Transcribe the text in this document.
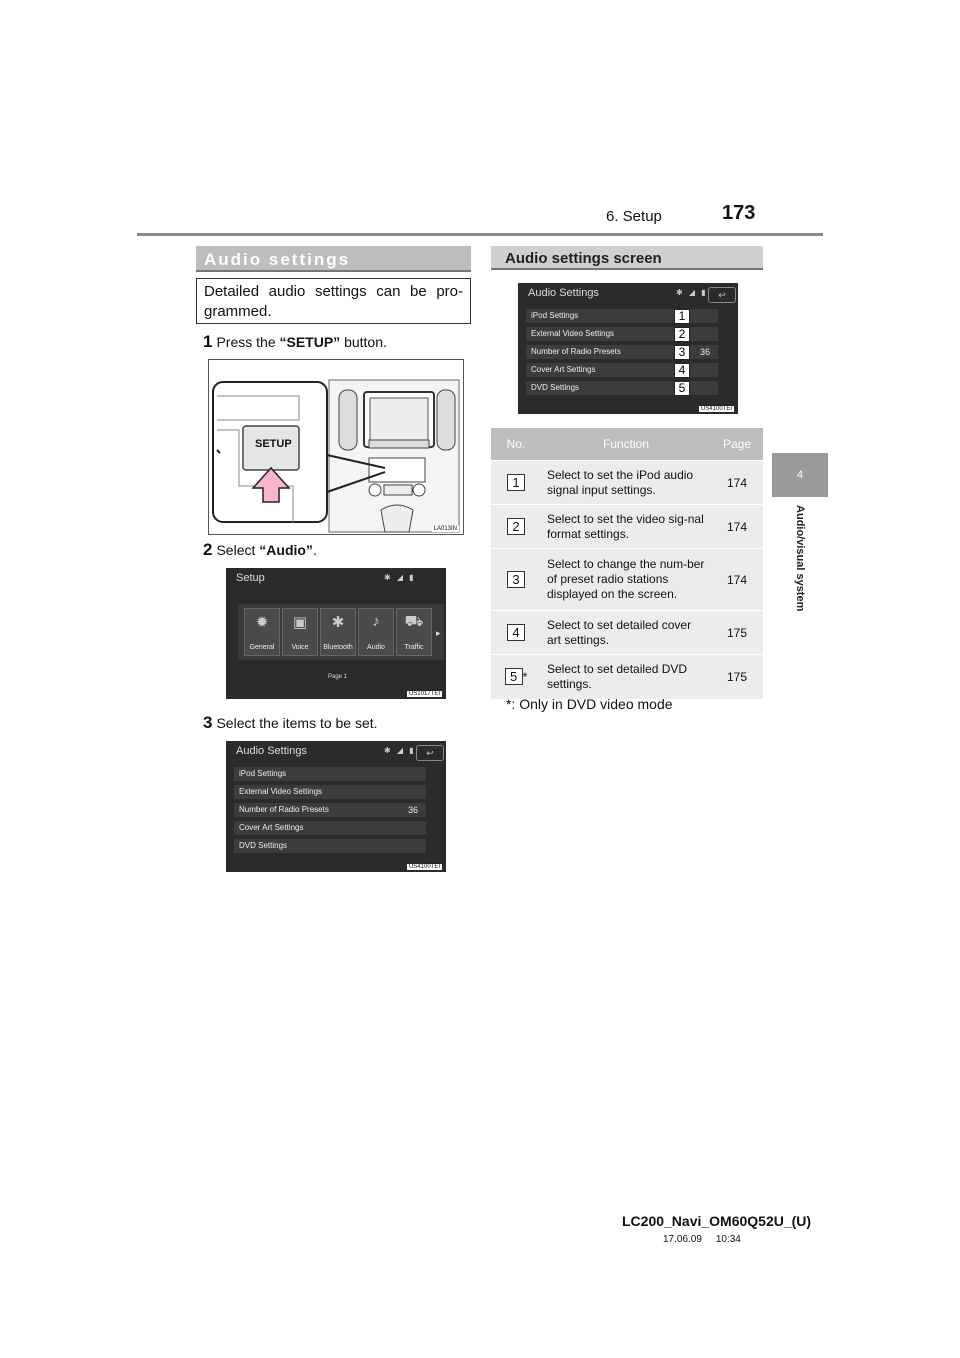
6. Setup	173
4
Audio/visual system
Audio settings
Detailed audio settings can be pro-grammed.
1 Press the “SETUP” button.
SETUP
LA013IN
2 Select “Audio”.
Setup	✱ ◢ ▮
✹
General
▣
Voice
✱
Bluetooth
♪
Audio
⛟
Traffic
▸
Page 1
US1017TEI
3 Select the items to be set.
Audio Settings	✱ ◢ ▮	↩
iPod Settings
External Video Settings
Number of Radio Presets	36
Cover Art Settings
DVD Settings
US4100TEI
Audio settings screen
Audio Settings	✱ ◢ ▮	↩
iPod Settings
External Video Settings
Number of Radio Presets	36
Cover Art Settings
DVD Settings
1
2
3
4
5
US4100TEI
No.	Function	Page
1	Select to set the iPod audio signal input settings.	174
2	Select to set the video sig-nal format settings.	174
3	Select to change the num-ber of preset radio stations displayed on the screen.	174
4	Select to set detailed cover art settings.	175
5 *	Select to set detailed DVD settings.	175
*: Only in DVD video mode
LC200_Navi_OM60Q52U_(U)
17.06.09     10:34
